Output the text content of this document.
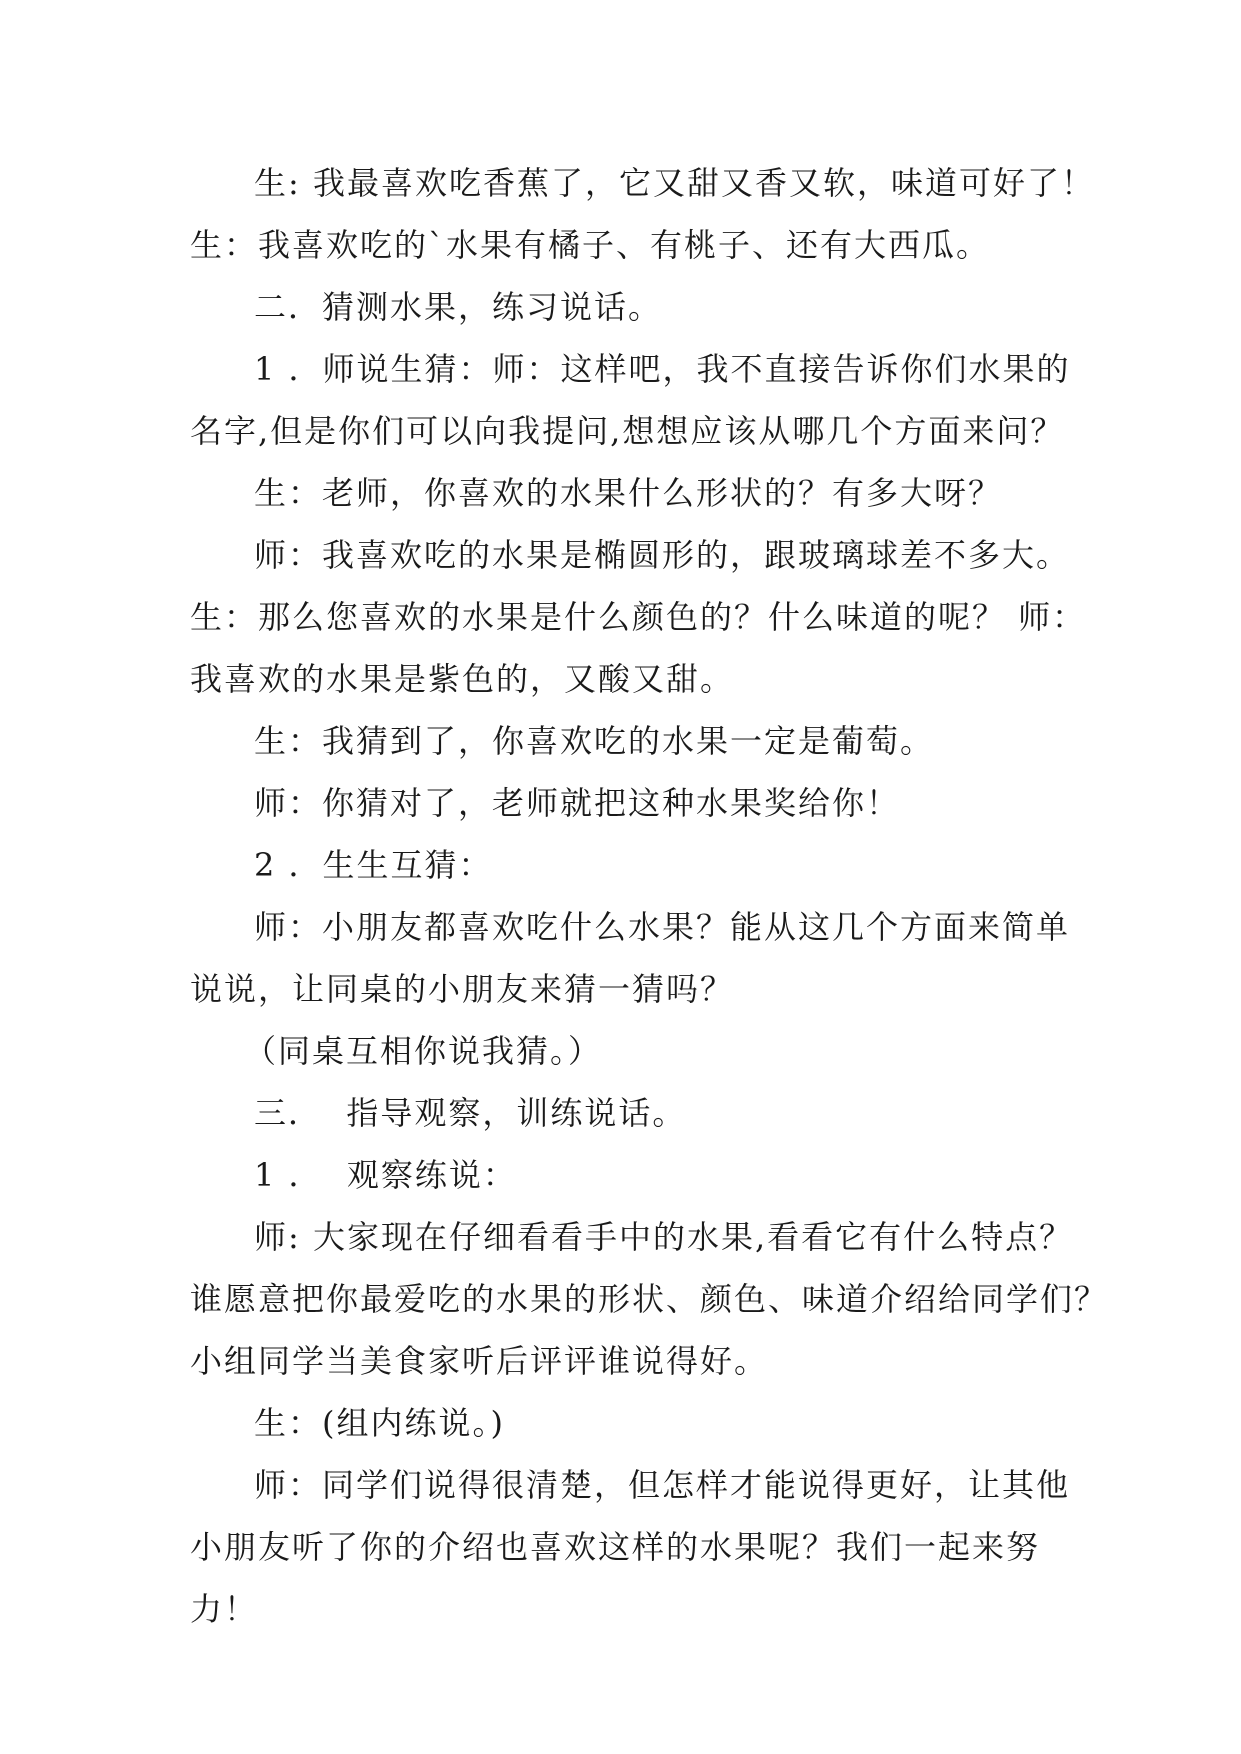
生: 我最喜欢吃香蕉了，它又甜又香又软，味道可好了！
生：我喜欢吃的`水果有橘子、有桃子、还有大西瓜。
二．猜测水果，练习说话。
1 ．师说生猜：师：这样吧，我不直接告诉你们水果的
名字,但是你们可以向我提问,想想应该从哪几个方面来问？
生：老师，你喜欢的水果什么形状的？有多大呀？
师：我喜欢吃的水果是椭圆形的，跟玻璃球差不多大。
生：那么您喜欢的水果是什么颜色的？什么味道的呢？ 师：
我喜欢的水果是紫色的，又酸又甜。
生：我猜到了，你喜欢吃的水果一定是葡萄。
师：你猜对了，老师就把这种水果奖给你！
2 ．生生互猜：
师：小朋友都喜欢吃什么水果？能从这几个方面来简单
说说，让同桌的小朋友来猜一猜吗？
（同桌互相你说我猜。）
三．  指导观察，训练说话。
1 ．  观察练说：
师: 大家现在仔细看看手中的水果,看看它有什么特点？
谁愿意把你最爱吃的水果的形状、颜色、味道介绍给同学们？
小组同学当美食家听后评评谁说得好。
生：(组内练说。)
师：同学们说得很清楚，但怎样才能说得更好，让其他
小朋友听了你的介绍也喜欢这样的水果呢？我们一起来努
力！
